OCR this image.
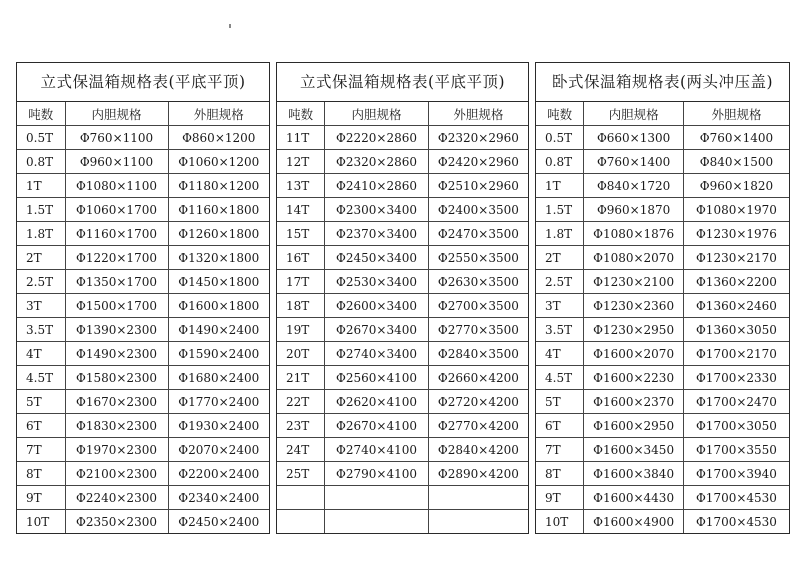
立式保温箱规格表(平底平顶)
吨数	内胆规格	外胆规格
0.5T	Φ760×1100	Φ860×1200
0.8T	Φ960×1100	Φ1060×1200
1T	Φ1080×1100	Φ1180×1200
1.5T	Φ1060×1700	Φ1160×1800
1.8T	Φ1160×1700	Φ1260×1800
2T	Φ1220×1700	Φ1320×1800
2.5T	Φ1350×1700	Φ1450×1800
3T	Φ1500×1700	Φ1600×1800
3.5T	Φ1390×2300	Φ1490×2400
4T	Φ1490×2300	Φ1590×2400
4.5T	Φ1580×2300	Φ1680×2400
5T	Φ1670×2300	Φ1770×2400
6T	Φ1830×2300	Φ1930×2400
7T	Φ1970×2300	Φ2070×2400
8T	Φ2100×2300	Φ2200×2400
9T	Φ2240×2300	Φ2340×2400
10T	Φ2350×2300	Φ2450×2400
立式保温箱规格表(平底平顶)
吨数	内胆规格	外胆规格
11T	Φ2220×2860	Φ2320×2960
12T	Φ2320×2860	Φ2420×2960
13T	Φ2410×2860	Φ2510×2960
14T	Φ2300×3400	Φ2400×3500
15T	Φ2370×3400	Φ2470×3500
16T	Φ2450×3400	Φ2550×3500
17T	Φ2530×3400	Φ2630×3500
18T	Φ2600×3400	Φ2700×3500
19T	Φ2670×3400	Φ2770×3500
20T	Φ2740×3400	Φ2840×3500
21T	Φ2560×4100	Φ2660×4200
22T	Φ2620×4100	Φ2720×4200
23T	Φ2670×4100	Φ2770×4200
24T	Φ2740×4100	Φ2840×4200
25T	Φ2790×4100	Φ2890×4200

卧式保温箱规格表(两头冲压盖)
吨数	内胆规格	外胆规格
0.5T	Φ660×1300	Φ760×1400
0.8T	Φ760×1400	Φ840×1500
1T	Φ840×1720	Φ960×1820
1.5T	Φ960×1870	Φ1080×1970
1.8T	Φ1080×1876	Φ1230×1976
2T	Φ1080×2070	Φ1230×2170
2.5T	Φ1230×2100	Φ1360×2200
3T	Φ1230×2360	Φ1360×2460
3.5T	Φ1230×2950	Φ1360×3050
4T	Φ1600×2070	Φ1700×2170
4.5T	Φ1600×2230	Φ1700×2330
5T	Φ1600×2370	Φ1700×2470
6T	Φ1600×2950	Φ1700×3050
7T	Φ1600×3450	Φ1700×3550
8T	Φ1600×3840	Φ1700×3940
9T	Φ1600×4430	Φ1700×4530
10T	Φ1600×4900	Φ1700×4530
